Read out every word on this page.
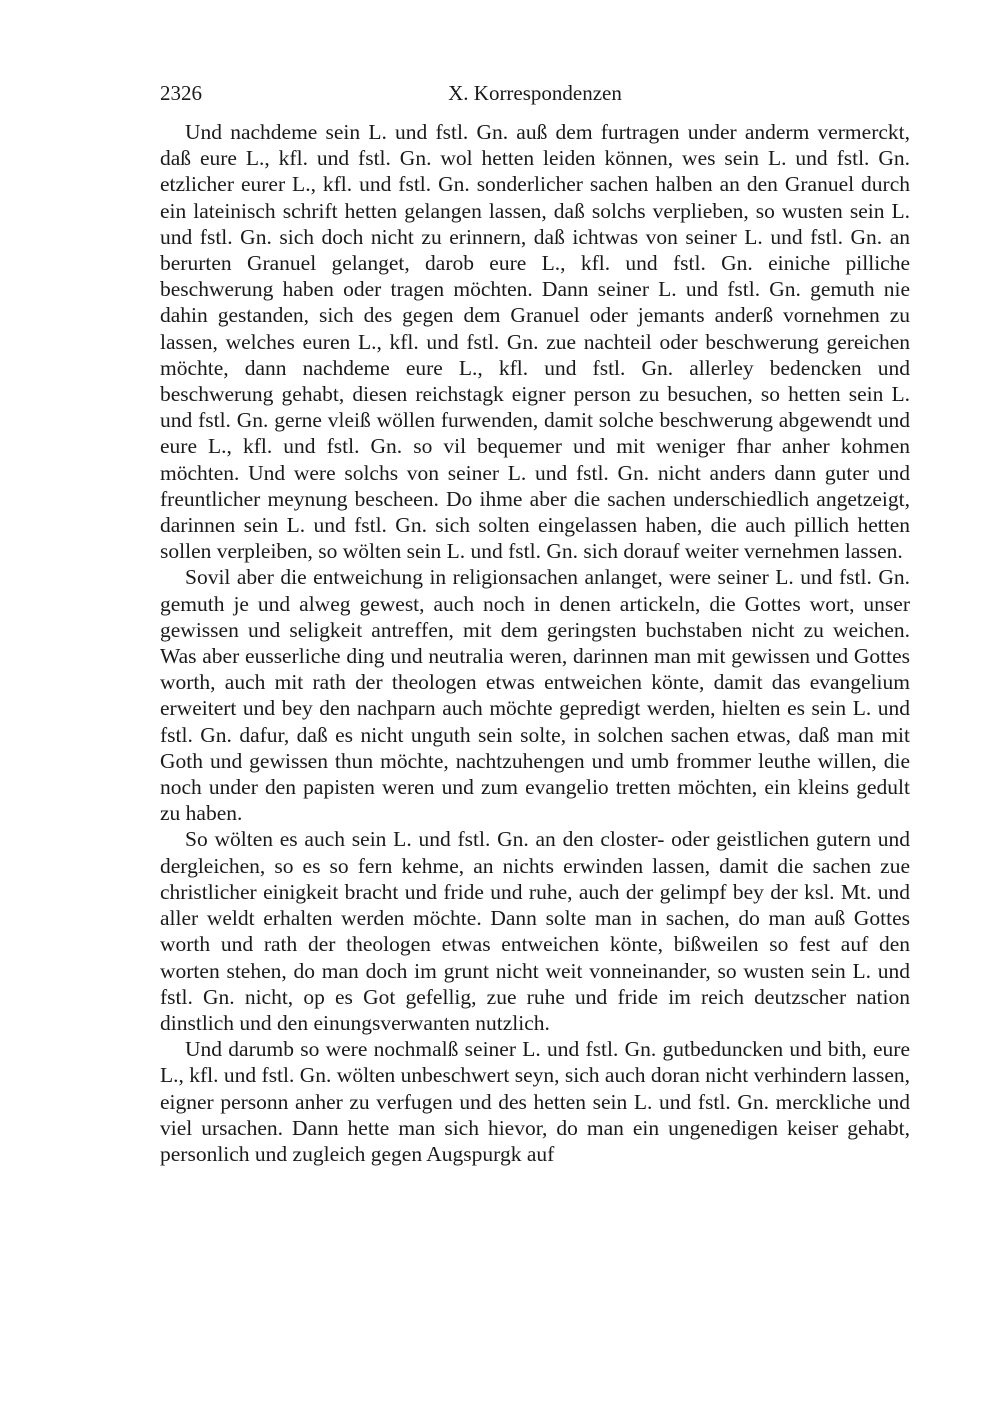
2326	X. Korrespondenzen

Und nachdeme sein L. und fstl. Gn. auß dem furtragen under anderm vermerckt, daß eure L., kfl. und fstl. Gn. wol hetten leiden können, wes sein L. und fstl. Gn. etzlicher eurer L., kfl. und fstl. Gn. sonderlicher sachen halben an den Granuel durch ein lateinisch schrift hetten gelangen lassen, daß solchs verplieben, so wusten sein L. und fstl. Gn. sich doch nicht zu erinnern, daß ichtwas von seiner L. und fstl. Gn. an berurten Granuel gelanget, darob eure L., kfl. und fstl. Gn. einiche pilliche beschwerung haben oder tragen möchten. Dann seiner L. und fstl. Gn. gemuth nie dahin gestanden, sich des gegen dem Granuel oder jemants anderß vornehmen zu lassen, welches euren L., kfl. und fstl. Gn. zue nachteil oder beschwerung gereichen möchte, dann nachdeme eure L., kfl. und fstl. Gn. allerley bedencken und beschwerung gehabt, diesen reichstagk eigner person zu besuchen, so hetten sein L. und fstl. Gn. gerne vleiß wöllen furwenden, damit solche beschwerung abgewendt und eure L., kfl. und fstl. Gn. so vil bequemer und mit weniger fhar anher kohmen möchten. Und were solchs von seiner L. und fstl. Gn. nicht anders dann guter und freuntlicher meynung bescheen. Do ihme aber die sachen underschiedlich angetzeigt, darinnen sein L. und fstl. Gn. sich solten eingelassen haben, die auch pillich hetten sollen verpleiben, so wölten sein L. und fstl. Gn. sich dorauf weiter vernehmen lassen.

Sovil aber die entweichung in religionsachen anlanget, were seiner L. und fstl. Gn. gemuth je und alweg gewest, auch noch in denen artickeln, die Gottes wort, unser gewissen und seligkeit antreffen, mit dem geringsten buchstaben nicht zu weichen. Was aber eusserliche ding und neutralia weren, darinnen man mit gewissen und Gottes worth, auch mit rath der theologen etwas entweichen könte, damit das evangelium erweitert und bey den nachparn auch möchte gepredigt werden, hielten es sein L. und fstl. Gn. dafur, daß es nicht unguth sein solte, in solchen sachen etwas, daß man mit Goth und gewissen thun möchte, nachtzuhengen und umb frommer leuthe willen, die noch under den papisten weren und zum evangelio tretten möchten, ein kleins gedult zu haben.

So wölten es auch sein L. und fstl. Gn. an den closter- oder geistlichen gutern und dergleichen, so es so fern kehme, an nichts erwinden lassen, damit die sachen zue christlicher einigkeit bracht und fride und ruhe, auch der gelimpf bey der ksl. Mt. und aller weldt erhalten werden möchte. Dann solte man in sachen, do man auß Gottes worth und rath der theologen etwas entweichen könte, bißweilen so fest auf den worten stehen, do man doch im grunt nicht weit vonneinander, so wusten sein L. und fstl. Gn. nicht, op es Got gefellig, zue ruhe und fride im reich deutzscher nation dinstlich und den einungsverwanten nutzlich.

Und darumb so were nochmalß seiner L. und fstl. Gn. gutbeduncken und bith, eure L., kfl. und fstl. Gn. wölten unbeschwert seyn, sich auch doran nicht verhindern lassen, eigner personn anher zu verfugen und des hetten sein L. und fstl. Gn. merckliche und viel ursachen. Dann hette man sich hievor, do man ein ungenedigen keiser gehabt, personlich und zugleich gegen Augspurgk auf
